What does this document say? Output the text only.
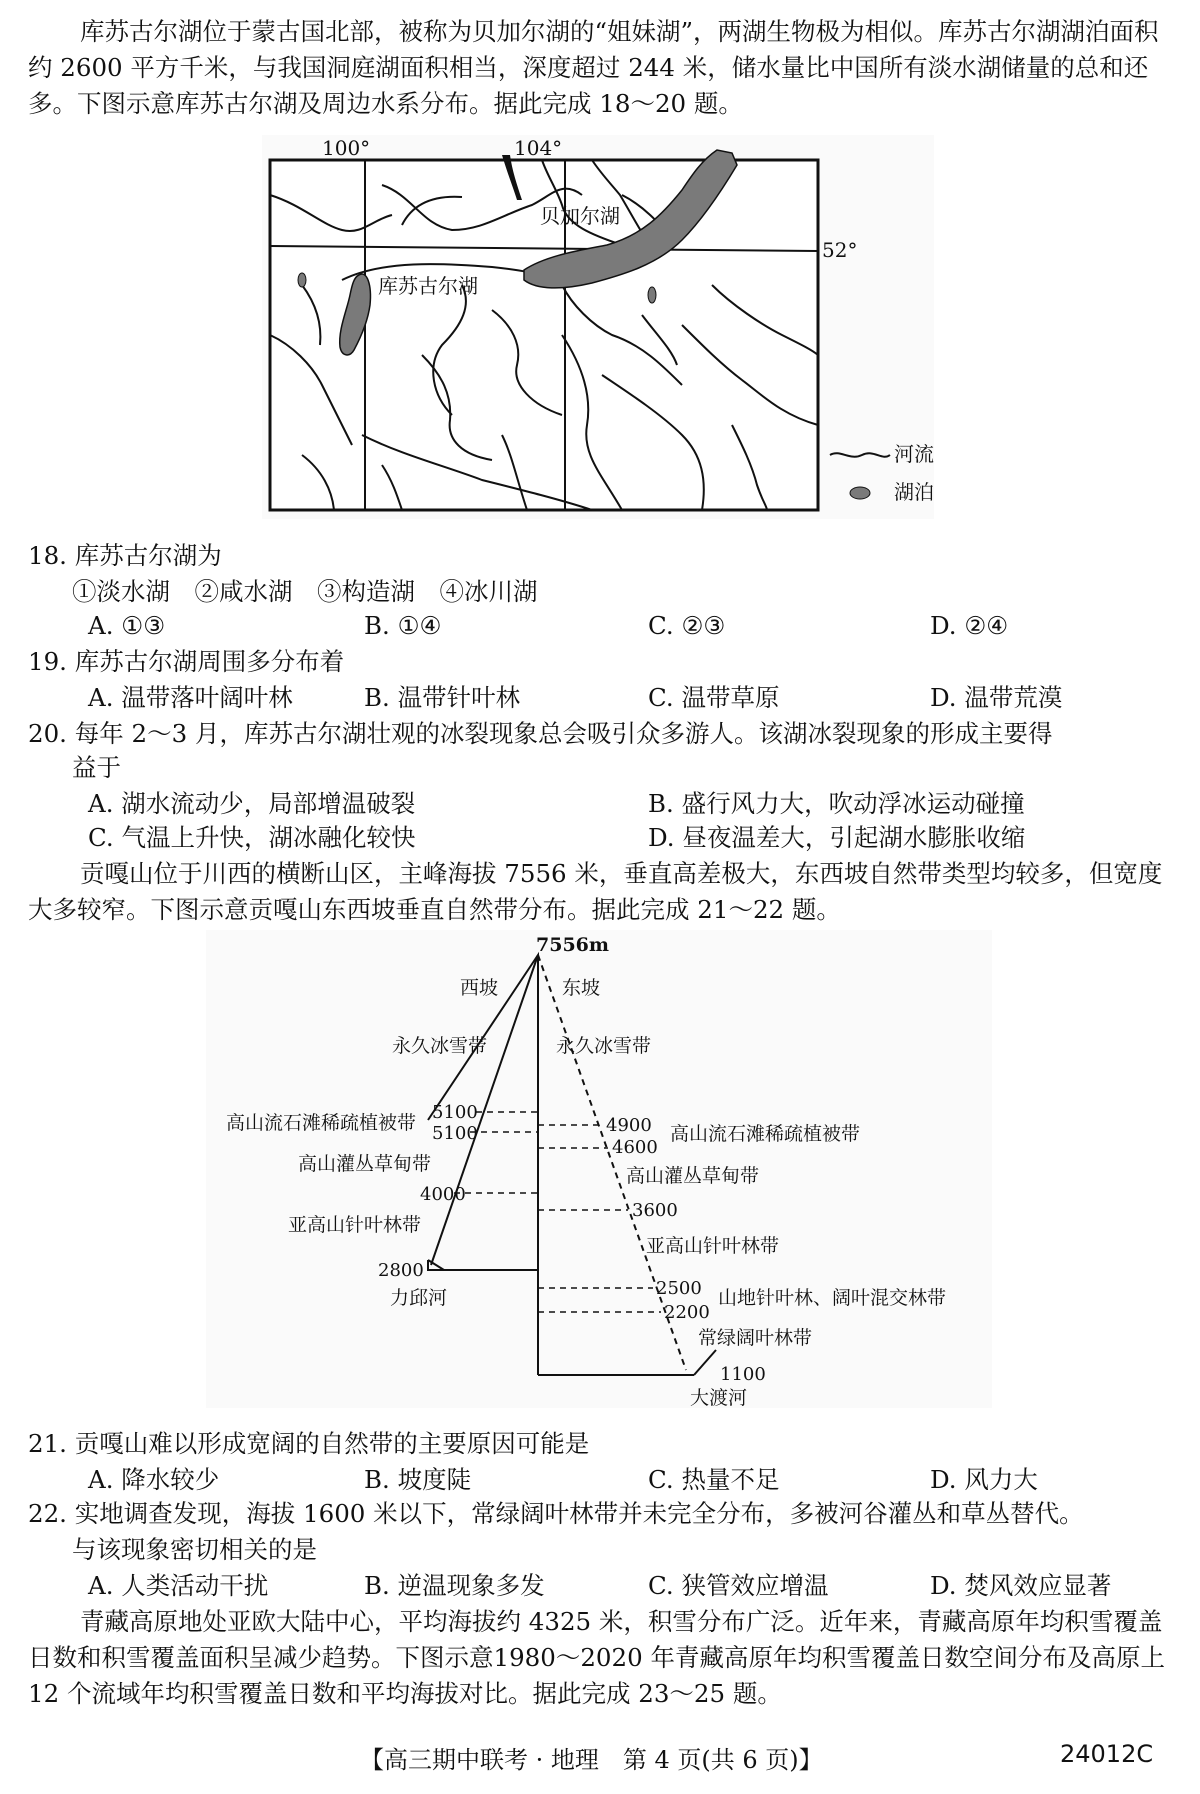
库苏古尔湖位于蒙古国北部，被称为贝加尔湖的“姐妹湖”，两湖生物极为相似。库苏古尔湖湖泊面积约 2600 平方千米，与我国洞庭湖面积相当，深度超过 244 米，储水量比中国所有淡水湖储量的总和还多。下图示意库苏古尔湖及周边水系分布。据此完成 18～20 题。
100°	104°
52°
贝加尔湖
库苏古尔湖
河流
湖泊
18. 库苏古尔湖为
①淡水湖　②咸水湖　③构造湖　④冰川湖
A. ①③	B. ①④	C. ②③	D. ②④
19. 库苏古尔湖周围多分布着
A. 温带落叶阔叶林	B. 温带针叶林	C. 温带草原	D. 温带荒漠
20. 每年 2～3 月，库苏古尔湖壮观的冰裂现象总会吸引众多游人。该湖冰裂现象的形成主要得
益于
A. 湖水流动少，局部增温破裂	B. 盛行风力大，吹动浮冰运动碰撞
C. 气温上升快，湖冰融化较快	D. 昼夜温差大，引起湖水膨胀收缩
贡嘎山位于川西的横断山区，主峰海拔 7556 米，垂直高差极大，东西坡自然带类型均较多，但宽度大多较窄。下图示意贡嘎山东西坡垂直自然带分布。据此完成 21～22 题。
7556m
西坡	东坡
永久冰雪带	永久冰雪带
5100
5100
4000
2800
高山流石滩稀疏植被带
高山灌丛草甸带
亚高山针叶林带
力邱河
4900
4600
3600
2500
2200
1100
高山流石滩稀疏植被带
高山灌丛草甸带
亚高山针叶林带
山地针叶林、阔叶混交林带
常绿阔叶林带
大渡河
21. 贡嘎山难以形成宽阔的自然带的主要原因可能是
A. 降水较少	B. 坡度陡	C. 热量不足	D. 风力大
22. 实地调查发现，海拔 1600 米以下，常绿阔叶林带并未完全分布，多被河谷灌丛和草丛替代。
与该现象密切相关的是
A. 人类活动干扰	B. 逆温现象多发	C. 狭管效应增温	D. 焚风效应显著
青藏高原地处亚欧大陆中心，平均海拔约 4325 米，积雪分布广泛。近年来，青藏高原年均积雪覆盖日数和积雪覆盖面积呈减少趋势。下图示意1980～2020 年青藏高原年均积雪覆盖日数空间分布及高原上 12 个流域年均积雪覆盖日数和平均海拔对比。据此完成 23～25 题。
【高三期中联考 · 地理　第 4 页(共 6 页)】	24012C
